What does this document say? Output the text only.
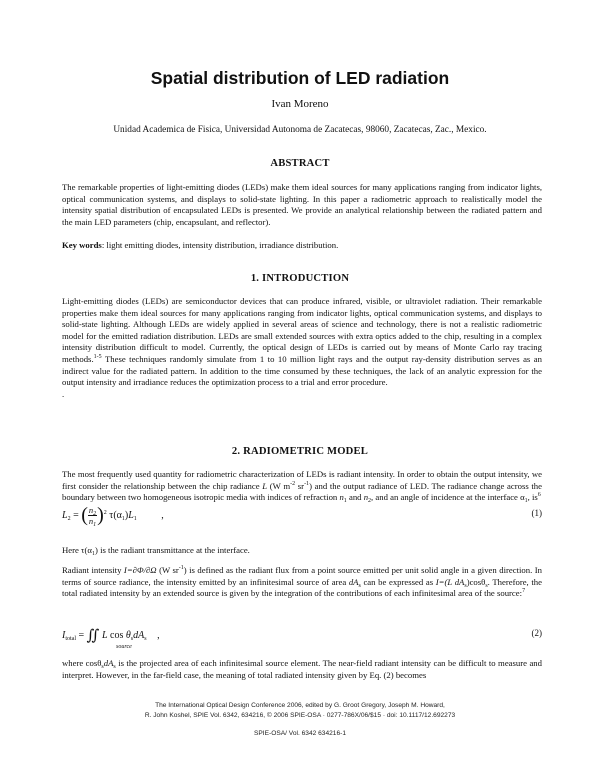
Spatial distribution of LED radiation
Ivan Moreno
Unidad Academica de Fisica, Universidad Autonoma de Zacatecas, 98060, Zacatecas, Zac., Mexico.
ABSTRACT

The remarkable properties of light-emitting diodes (LEDs) make them ideal sources for many applications ranging from indicator lights, optical communication systems, and displays to solid-state lighting. In this paper a radiometric approach to realistically model the intensity spatial distribution of encapsulated LEDs is presented. We provide an analytical relationship between the radiated pattern and the main LED parameters (chip, encapsulant, and reflector).

Key words: light emitting diodes, intensity distribution, irradiance distribution.

1. INTRODUCTION

Light-emitting diodes (LEDs) are semiconductor devices that can produce infrared, visible, or ultraviolet radiation. Their remarkable properties make them ideal sources for many applications ranging from indicator lights, optical communication systems, and displays to solid-state lighting. Although LEDs are widely applied in several areas of science and technology, there is not a realistic radiometric model for the emitted radiation distribution. LEDs are small extended sources with extra optics added to the chip, resulting in a complex intensity distribution difficult to model. Currently, the optical design of LEDs is carried out by means of Monte Carlo ray tracing methods.$^{1-5}$ These techniques randomly simulate from 1 to 10 million light rays and the output ray-density distribution serves as an indirect value for the radiated pattern. In addition to the time consumed by these techniques, the lack of an analytic expression for the output intensity and irradiance reduces the optimization process to a trial and error procedure.

.

2. RADIOMETRIC MODEL

The most frequently used quantity for radiometric characterization of LEDs is radiant intensity. In order to obtain the output intensity, we first consider the relationship between the chip radiance L (W $m^{-2}$ $sr^{-1}$) and the output radiance of LED. The radiance change across the boundary between two homogeneous isotropic media with indices of refraction $n_1$ and $n_2$, and an angle of incidence at the interface $\alpha_1$, $is^6$

$L_2$ = ( $\frac{n_2}{n_1} )^2$ $\tau(\alpha_1)L_1$ ,	(1)

Here $\tau(\alpha_1)$ is the radiant transmittance at the interface.

Radiant intensity I=∂Φ/∂Ω (W $sr^{-1}$) is defined as the radiant flux from a point source emitted per unit solid angle in a given direction. In terms of source radiance, the intensity emitted by an infinitesimal source of area $dA_s$ can be expressed as I=(L $dA_s)\cos\theta_s$. Therefore, the total radiated intensity by an extended source is given by the integration of the contributions of each infinitesimal area of the source:$^7$

$I_{total}$ = ∬ L $\cos \theta_sdA_s$ ,
source
(2)

where $\cos\theta_sdA_s$ is the projected area of each infinitesimal source element. The near-field radiant intensity can be difficult to measure and interpret. However, in the far-field case, the meaning of total radiated intensity given by Eq. (2) becomes

The International Optical Design Conference 2006, edited by G. Groot Gregory, Joseph M. Howard,
R. John Koshel, SPIE Vol. 6342, 634216, © 2006 SPIE-OSA · 0277-786X/06/$15 · doi: 10.1117/12.692273
SPIE-OSA/ Vol. 6342 634216-1
